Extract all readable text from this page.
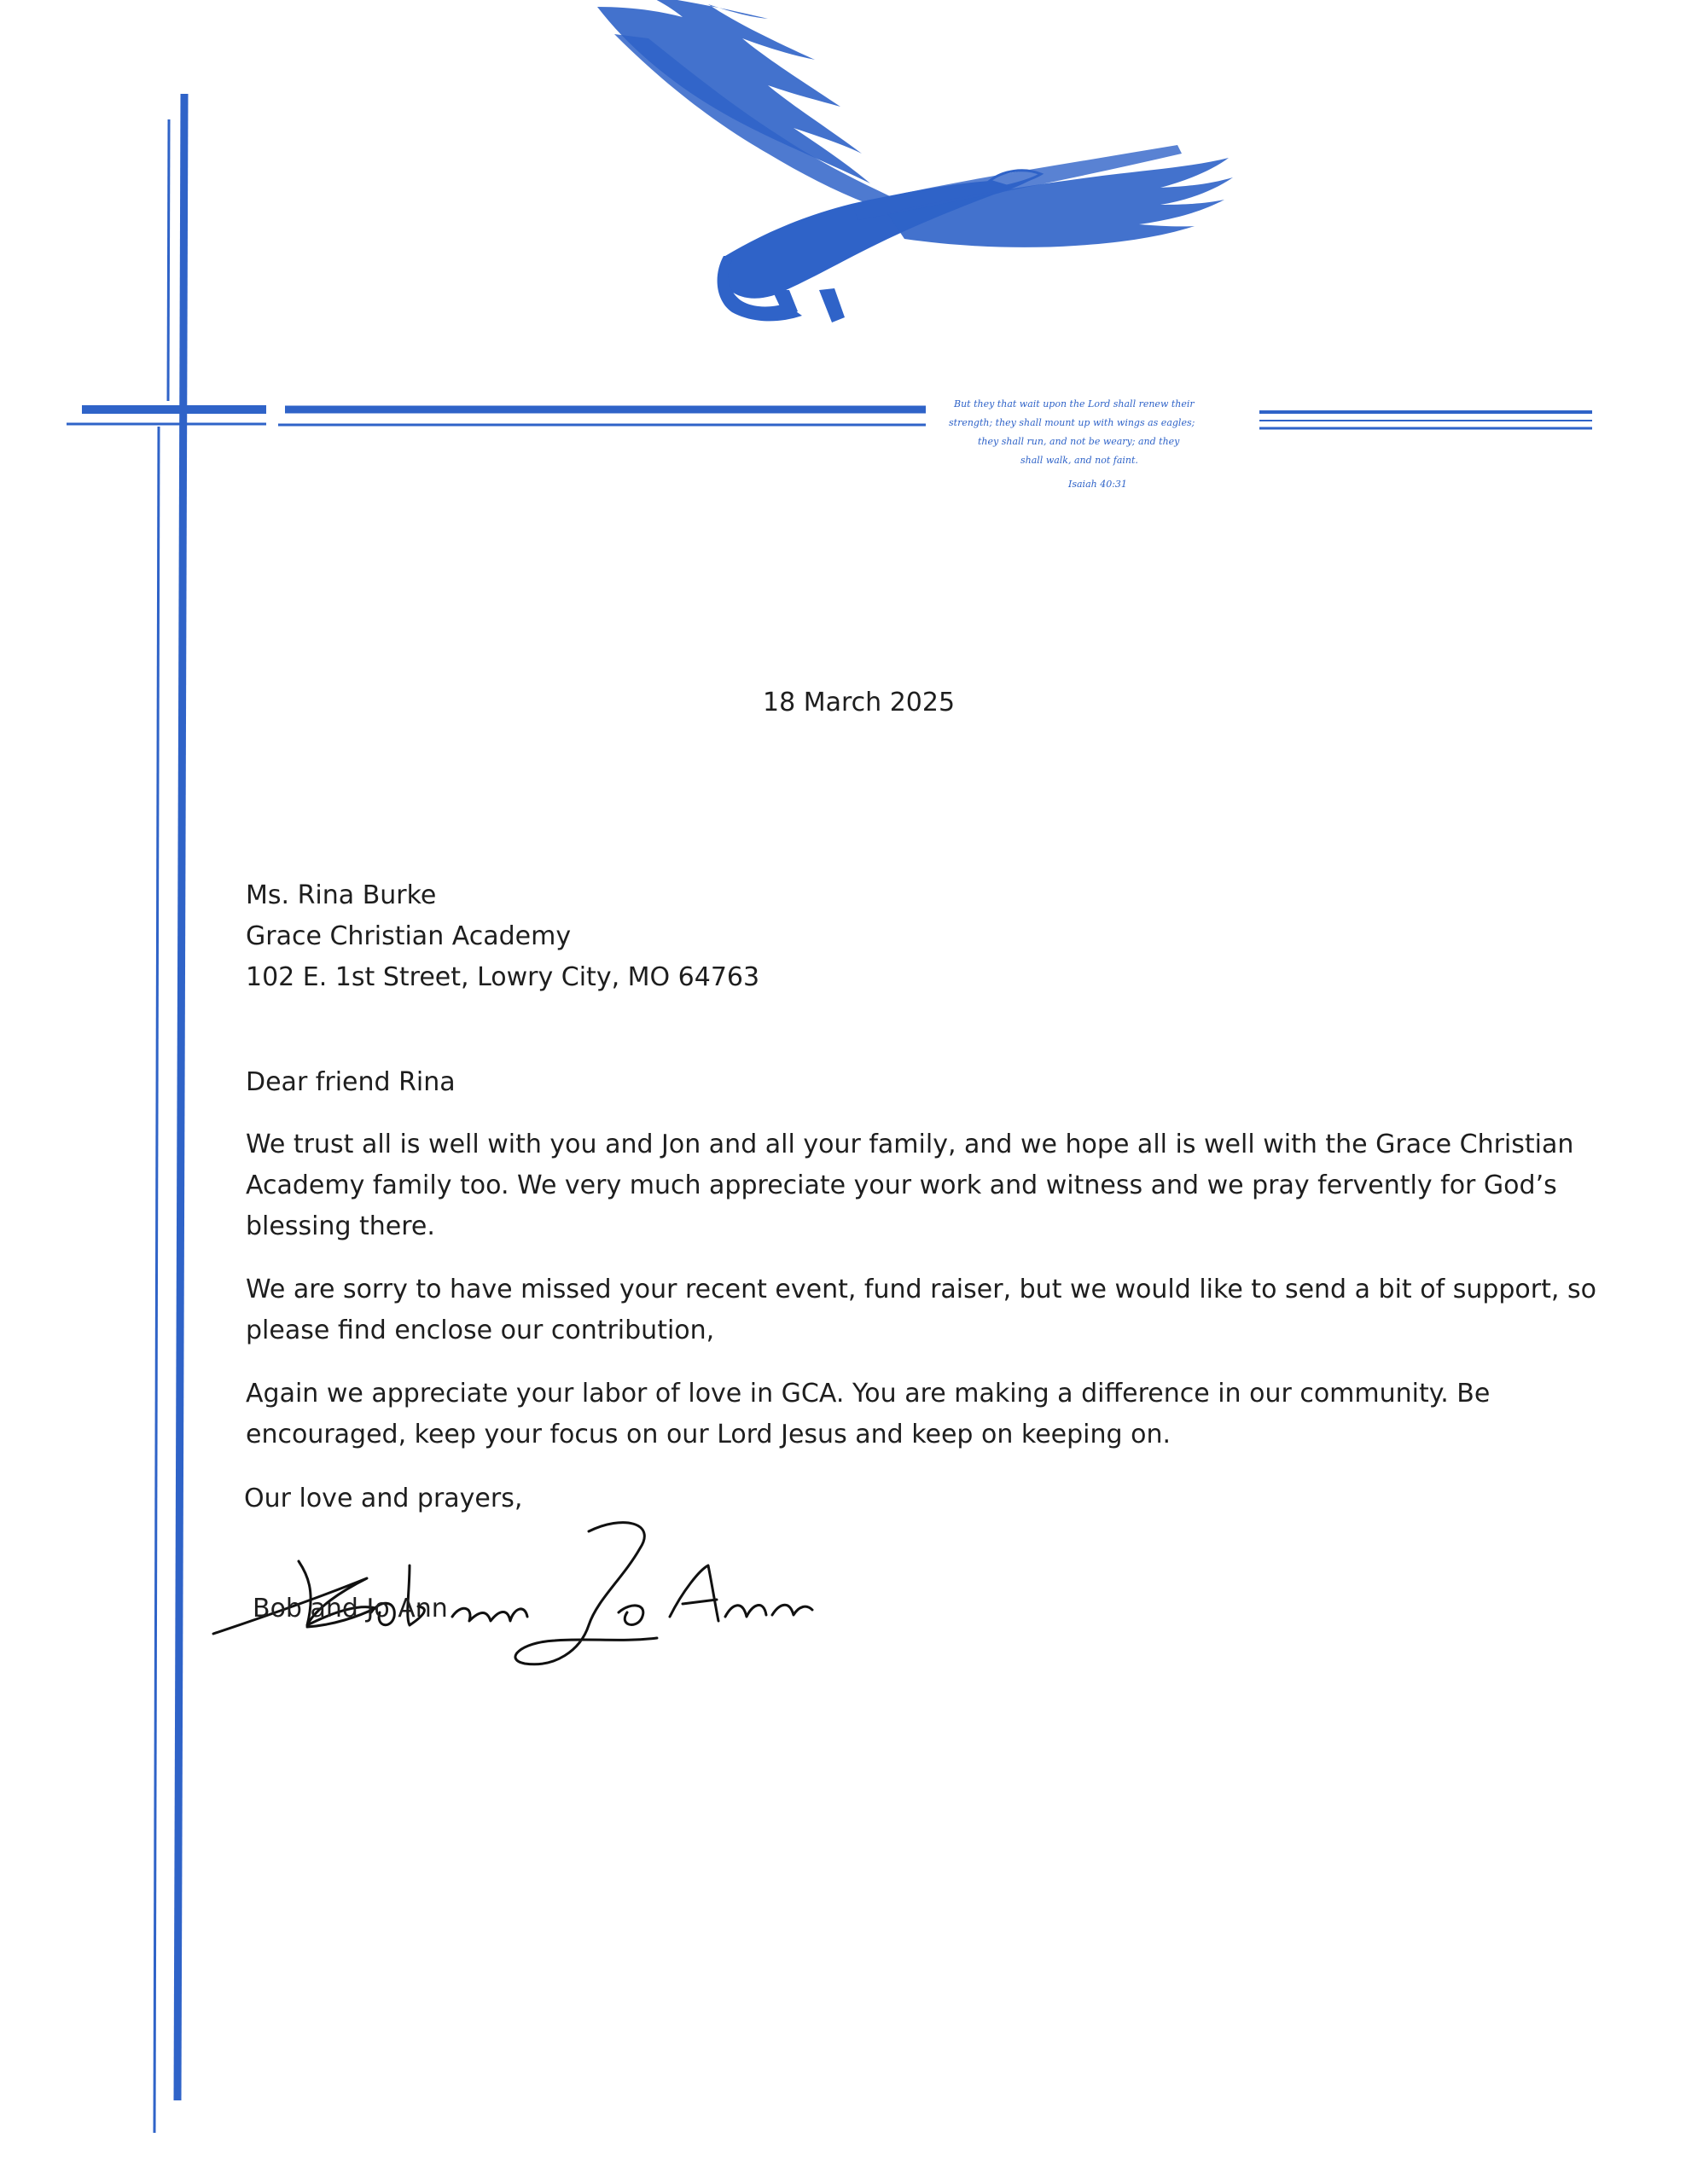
But they that wait upon the Lord shall renew their
strength; they shall mount up with wings as eagles;
they shall run, and not be weary; and they
shall walk, and not faint.
Isaiah 40:31
18 March 2025
Ms. Rina Burke
Grace Christian Academy
102 E. 1st Street, Lowry City, MO 64763
Dear friend Rina
We trust all is well with you and Jon and all your family, and we hope all is well with the Grace Christian Academy family too. We very much appreciate your work and witness and we pray fervently for God’s blessing there.
We are sorry to have missed your recent event, fund raiser, but we would like to send a bit of support, so please find enclose our contribution,
Again we appreciate your labor of love in GCA. You are making a difference in our community. Be encouraged, keep your focus on our Lord Jesus and keep on keeping on.
Our love and prayers,
Bob and Jo Ann
